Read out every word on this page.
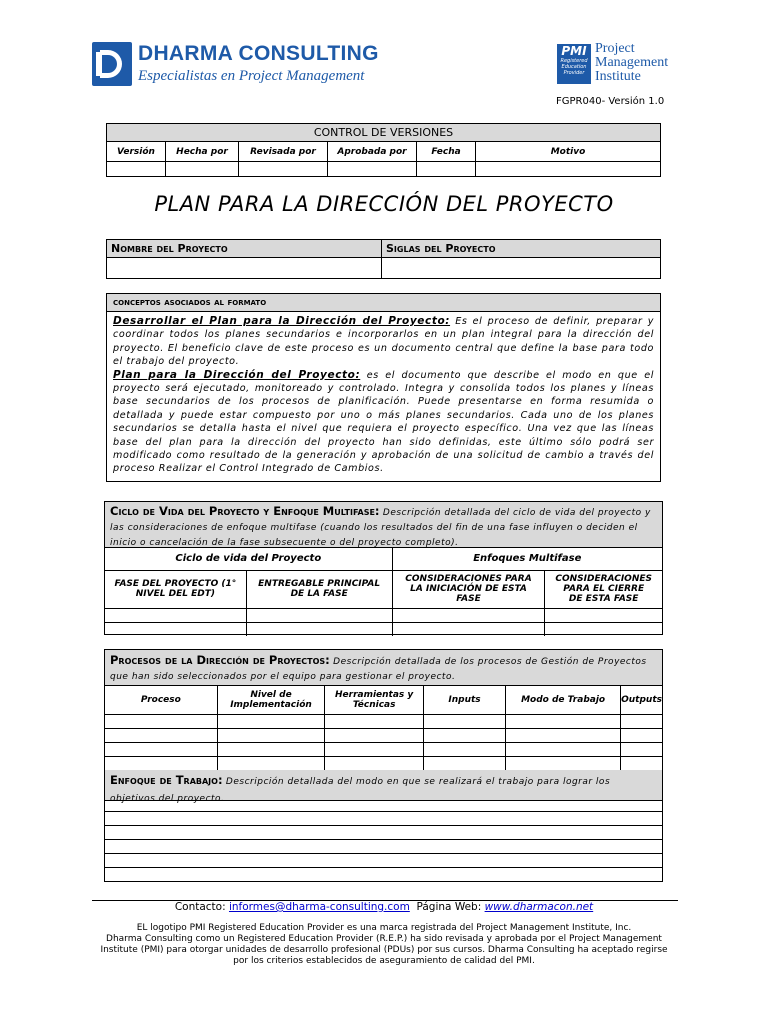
DHARMA CONSULTING
Especialistas en Project Management
PMI
Registered
Education
Provider
Project
Management
Institute
FGPR040- Versión 1.0
CONTROL DE VERSIONES					
Versión	Hecha por	Revisada por	Aprobada por	Fecha	Motivo

PLAN PARA LA DIRECCIÓN DEL PROYECTO
Nombre del Proyecto	Siglas del Proyecto

conceptos asociados al formato
Desarrollar el Plan para la Dirección del Proyecto: Es el proceso de definir, preparar y coordinar todos los planes secundarios e incorporarlos en un plan integral para la dirección del proyecto. El beneficio clave de este proceso es un documento central que define la base para todo el trabajo del proyecto.
Plan para la Dirección del Proyecto: es el documento que describe el modo en que el proyecto será ejecutado, monitoreado y controlado. Integra y consolida todos los planes y líneas base secundarios de los procesos de planificación. Puede presentarse en forma resumida o detallada y puede estar compuesto por uno o más planes secundarios. Cada uno de los planes secundarios se detalla hasta el nivel que requiera el proyecto específico. Una vez que las líneas base del plan para la dirección del proyecto han sido definidas, este último sólo podrá ser modificado como resultado de la generación y aprobación de una solicitud de cambio a través del proceso Realizar el Control Integrado de Cambios.
Ciclo de Vida del Proyecto y Enfoque Multifase: Descripción detallada del ciclo de vida del proyecto y las consideraciones de enfoque multifase (cuando los resultados del fin de una fase influyen o deciden el inicio o cancelación de la fase subsecuente o del proyecto completo).
Ciclo de vida del Proyecto		Enfoques Multifase	
FASE DEL PROYECTO (1° NIVEL DEL EDT)	ENTREGABLE PRINCIPAL DE LA FASE	CONSIDERACIONES PARA LA INICIACIÓN DE ESTA FASE	CONSIDERACIONES PARA EL CIERRE DE ESTA FASE

Procesos de la Dirección de Proyectos: Descripción detallada de los procesos de Gestión de Proyectos que han sido seleccionados por el equipo para gestionar el proyecto.
Proceso	Nivel de Implementación	Herramientas y Técnicas	Inputs	Modo de Trabajo	Outputs

Enfoque de Trabajo: Descripción detallada del modo en que se realizará el trabajo para lograr los objetivos del proyecto.
Contacto: informes@dharma-consulting.com Página Web: www.dharmacon.net
EL logotipo PMI Registered Education Provider es una marca registrada del Project Management Institute, Inc.
Dharma Consulting como un Registered Education Provider (R.E.P.) ha sido revisada y aprobada por el Project Management
Institute (PMI) para otorgar unidades de desarrollo profesional (PDUs) por sus cursos. Dharma Consulting ha aceptado regirse
por los criterios establecidos de aseguramiento de calidad del PMI.
